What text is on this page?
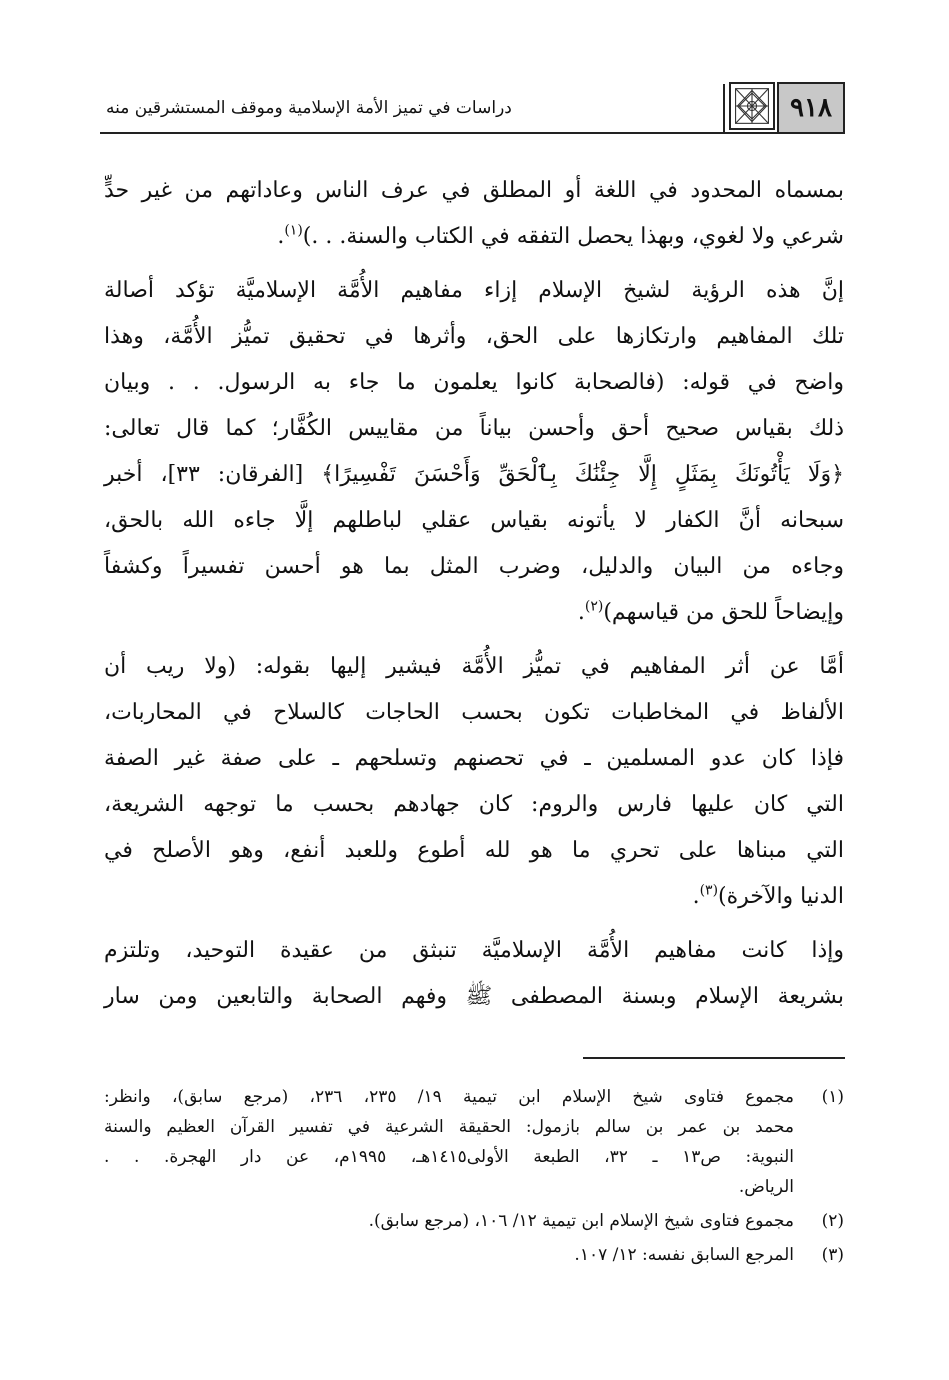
٩١٨
دراسات في تميز الأمة الإسلامية وموقف المستشرقين منه
بمسماه المحدود في اللغة أو المطلق في عرف الناس وعاداتهم من غير حدٍّ
شرعي ولا لغوي، وبهذا يحصل التفقه في الكتاب والسنة. . .)$^{(١)}$.
إنَّ هذه الرؤية لشيخ الإسلام إزاء مفاهيم الأُمَّة الإسلاميَّة تؤكد أصالة
تلك المفاهيم وارتكازها على الحق، وأثرها في تحقيق تميُّز الأُمَّة، وهذا
واضح في قوله: (فالصحابة كانوا يعلمون ما جاء به الرسول. . . وبيان
ذلك بقياس صحيح أحق وأحسن بياناً من مقاييس الكُفَّار؛ كما قال تعالى:
﴿وَلَا يَأْتُونَكَ بِمَثَلٍ إِلَّا جِئْنَٰكَ بِٱلْحَقِّ وَأَحْسَنَ تَفْسِيرًا﴾ [الفرقان: ٣٣]، أخبر
سبحانه أنَّ الكفار لا يأتونه بقياس عقلي لباطلهم إلَّا جاءه الله بالحق،
وجاءه من البيان والدليل، وضرب المثل بما هو أحسن تفسيراً وكشفاً
وإيضاحاً للحق من قياسهم)$^{(٢)}$.
أمَّا عن أثر المفاهيم في تميُّز الأُمَّة فيشير إليها بقوله: (ولا ريب أن
الألفاظ في المخاطبات تكون بحسب الحاجات كالسلاح في المحاربات،
فإذا كان عدو المسلمين ـ في تحصنهم وتسلحهم ـ على صفة غير الصفة
التي كان عليها فارس والروم: كان جهادهم بحسب ما توجهه الشريعة،
التي مبناها على تحري ما هو لله أطوع وللعبد أنفع، وهو الأصلح في
الدنيا والآخرة)$^{(٣)}$.
وإذا كانت مفاهيم الأُمَّة الإسلاميَّة تنبثق من عقيدة التوحيد، وتلتزم
بشريعة الإسلام وبسنة المصطفى ﷺ وفهم الصحابة والتابعين ومن سار
(١)
مجموع فتاوى شيخ الإسلام ابن تيمية ١٩/ ٢٣٥، ٢٣٦، (مرجع سابق)، وانظر:
محمد بن عمر بن سالم بازمول: الحقيقة الشرعية في تفسير القرآن العظيم والسنة
النبوية: ص١٣ ـ ٣٢، الطبعة الأولى١٤١٥هـ، ١٩٩٥م، عن دار الهجرة. . .
الرياض.
(٢)
مجموع فتاوى شيخ الإسلام ابن تيمية ١٢/ ١٠٦، (مرجع سابق).
(٣)
المرجع السابق نفسه: ١٢/ ١٠٧.
